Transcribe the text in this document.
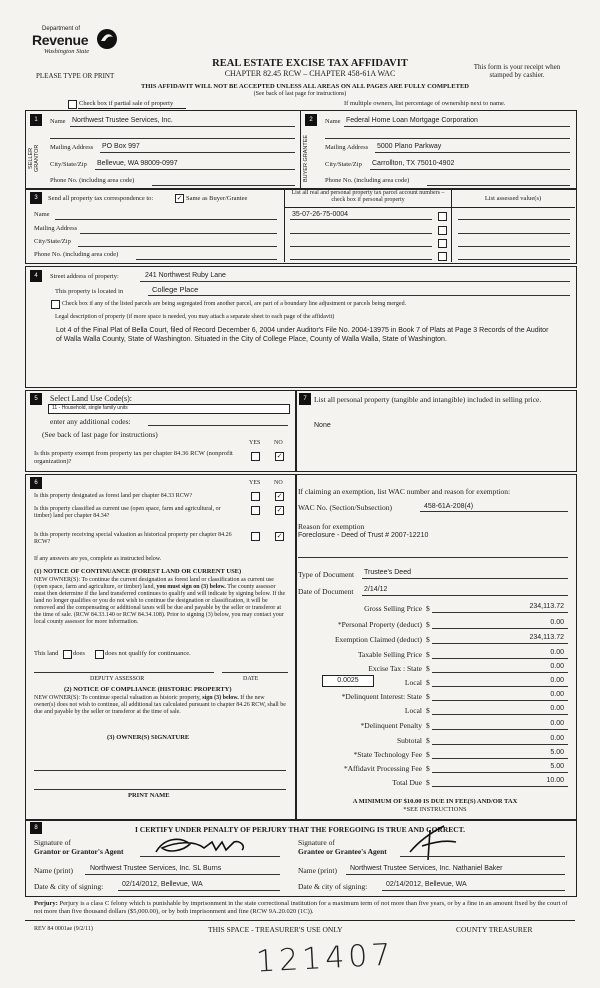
Department of
Revenue
Washington State
REAL ESTATE EXCISE TAX AFFIDAVIT
CHAPTER 82.45 RCW – CHAPTER 458-61A WAC
PLEASE TYPE OR PRINT
This form is your receipt when stamped by cashier.
THIS AFFIDAVIT WILL NOT BE ACCEPTED UNLESS ALL AREAS ON ALL PAGES ARE FULLY COMPLETED
(See back of last page for instructions)
Check box if partial sale of property	If multiple owners, list percentage of ownership next to name.
1
SELLER GRANTOR
Name Northwest Trustee Services, Inc.
Mailing Address PO Box 997
City/State/Zip Bellevue, WA 98009-0997
Phone No. (including area code)
2
BUYER GRANTEE
Name Federal Home Loan Mortgage Corporation
Mailing Address 5000 Plano Parkway
City/State/Zip Carrollton, TX 75010-4902
Phone No. (including area code)
3	Send all property tax correspondence to:	✓ Same as Buyer/Grantee
List all real and personal property tax parcel account numbers – check box if personal property	List assessed value(s)
Name
Mailing Address
City/State/Zip
Phone No. (including area code)
35-07-26-75-0004
4	Street address of property:	241 Northwest Ruby Lane
This property is located in	College Place
Check box if any of the listed parcels are being segregated from another parcel, are part of a boundary line adjustment or parcels being merged.
Legal description of property (if more space is needed, you may attach a separate sheet to each page of the affidavit)
Lot 4 of the Final Plat of Bella Court, filed of Record December 6, 2004 under Auditor's File No. 2004-13975 in Book 7 of Plats at Page 3 Records of the Auditor of Walla Walla County, State of Washington. Situated in the City of College Place, County of Walla Walla, State of Washington.
5	Select Land Use Code(s):
11 - Household, single family units
enter any additional codes:
(See back of last page for instructions)
YES NO
Is this property exempt from property tax per chapter 84.36 RCW (nonprofit organization)?
✓
7 List all personal property (tangible and intangible) included in selling price.
None
6	YES NO
Is this property designated as forest land per chapter 84.33 RCW?	✓
Is this property classified as current use (open space, farm and agricultural, or timber) land per chapter 84.34?
✓
Is this property receiving special valuation as historical property per chapter 84.26 RCW?
✓
If any answers are yes, complete as instructed below.
(1) NOTICE OF CONTINUANCE (FOREST LAND OR CURRENT USE)
NEW OWNER(S): To continue the current designation as forest land or classification as current use (open space, farm and agriculture, or timber) land, you must sign on (3) below. The county assessor must then determine if the land transferred continues to qualify and will indicate by signing below. If the land no longer qualifies or you do not wish to continue the designation or classification, it will be removed and the compensating or additional taxes will be due and payable by the seller or transferor at the time of sale. (RCW 84.33.140 or RCW 84.34.108). Prior to signing (3) below, you may contact your local county assessor for more information.
This land does	does not qualify for continuance.
DEPUTY ASSESSOR	DATE
(2) NOTICE OF COMPLIANCE (HISTORIC PROPERTY)
NEW OWNER(S): To continue special valuation as historic property, sign (3) below. If the new owner(s) does not wish to continue, all additional tax calculated pursuant to chapter 84.26 RCW, shall be due and payable by the seller or transferor at the time of sale.
(3) OWNER(S) SIGNATURE
PRINT NAME
If claiming an exemption, list WAC number and reason for exemption:
WAC No. (Section/Subsection)	458-61A-208(4)
Reason for exemption
Foreclosure - Deed of Trust # 2007-12210
Type of Document Trustee's Deed
Date of Document 2/14/12
Gross Selling Price $	234,113.72
*Personal Property (deduct) $	0.00
Exemption Claimed (deduct) $	234,113.72
Taxable Selling Price $	0.00
Excise Tax : State $	0.00
0.0025	Local $	0.00
*Delinquent Interest: State $	0.00
Local $	0.00
*Delinquent Penalty $	0.00
Subtotal $	0.00
*State Technology Fee $	5.00
*Affidavit Processing Fee $	5.00
Total Due $	10.00
A MINIMUM OF $10.00 IS DUE IN FEE(S) AND/OR TAX
*SEE INSTRUCTIONS
8	I CERTIFY UNDER PENALTY OF PERJURY THAT THE FOREGOING IS TRUE AND CORRECT.
Signature of
Grantor or Grantor's Agent
Signature of
Grantee or Grantee's Agent
Name (print) Northwest Trustee Services, Inc. SL Burns	Name (print) Northwest Trustee Services, Inc. Nathaniel Baker
Date & city of signing:	02/14/2012, Bellevue, WA	Date & city of signing:	02/14/2012, Bellevue, WA
Perjury: Perjury is a class C felony which is punishable by imprisonment in the state correctional institution for a maximum term of not more than five years, or by a fine in an amount fixed by the court of not more than five thousand dollars ($5,000.00), or by both imprisonment and fine (RCW 9A.20.020 (1C)).
REV 84 0001ae (9/2/11)	THIS SPACE - TREASURER'S USE ONLY	COUNTY TREASURER
121407
